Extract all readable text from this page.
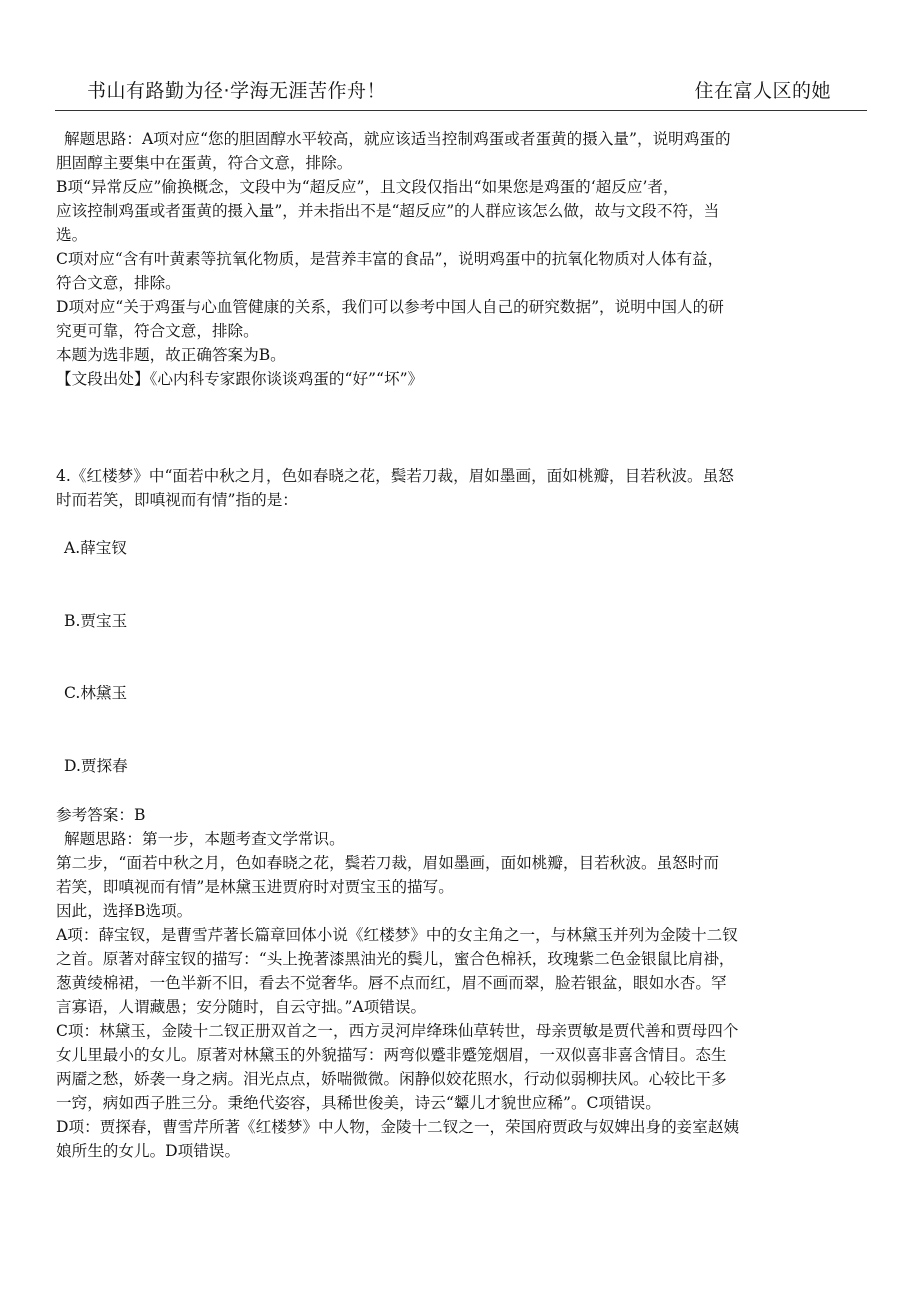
书山有路勤为径·学海无涯苦作舟！	住在富人区的她
解题思路：A项对应“您的胆固醇水平较高，就应该适当控制鸡蛋或者蛋黄的摄入量”，说明鸡蛋的
胆固醇主要集中在蛋黄，符合文意，排除。
B项“异常反应”偷换概念，文段中为“超反应”，且文段仅指出“如果您是鸡蛋的‘超反应’者，
应该控制鸡蛋或者蛋黄的摄入量”，并未指出不是“超反应”的人群应该怎么做，故与文段不符，当
选。
C项对应“含有叶黄素等抗氧化物质，是营养丰富的食品”，说明鸡蛋中的抗氧化物质对人体有益，
符合文意，排除。
D项对应“关于鸡蛋与心血管健康的关系，我们可以参考中国人自己的研究数据”，说明中国人的研
究更可靠，符合文意，排除。
本题为选非题，故正确答案为B。
【文段出处】《心内科专家跟你谈谈鸡蛋的“好”“坏”》
4.《红楼梦》中“面若中秋之月，色如春晓之花，鬓若刀裁，眉如墨画，面如桃瓣，目若秋波。虽怒
时而若笑，即嗔视而有情”指的是：
A.薛宝钗
B.贾宝玉
C.林黛玉
D.贾探春
参考答案：B
解题思路：第一步，本题考查文学常识。
第二步，“面若中秋之月，色如春晓之花，鬓若刀裁，眉如墨画，面如桃瓣，目若秋波。虽怒时而
若笑，即嗔视而有情”是林黛玉进贾府时对贾宝玉的描写。
因此，选择B选项。
A项：薛宝钗，是曹雪芹著长篇章回体小说《红楼梦》中的女主角之一，与林黛玉并列为金陵十二钗
之首。原著对薛宝钗的描写：“头上挽著漆黑油光的鬓儿，蜜合色棉袄，玫瑰紫二色金银鼠比肩褂，
葱黄绫棉裙，一色半新不旧，看去不觉奢华。唇不点而红，眉不画而翠，脸若银盆，眼如水杏。罕
言寡语，人谓藏愚；安分随时，自云守拙。”A项错误。
C项：林黛玉，金陵十二钗正册双首之一，西方灵河岸绛珠仙草转世，母亲贾敏是贾代善和贾母四个
女儿里最小的女儿。原著对林黛玉的外貌描写：两弯似蹙非蹙笼烟眉，一双似喜非喜含情目。态生
两靥之愁，娇袭一身之病。泪光点点，娇喘微微。闲静似姣花照水，行动似弱柳扶风。心较比干多
一窍，病如西子胜三分。秉绝代姿容，具稀世俊美，诗云“颦儿才貌世应稀”。C项错误。
D项：贾探春，曹雪芹所著《红楼梦》中人物，金陵十二钗之一，荣国府贾政与奴婢出身的妾室赵姨
娘所生的女儿。D项错误。
